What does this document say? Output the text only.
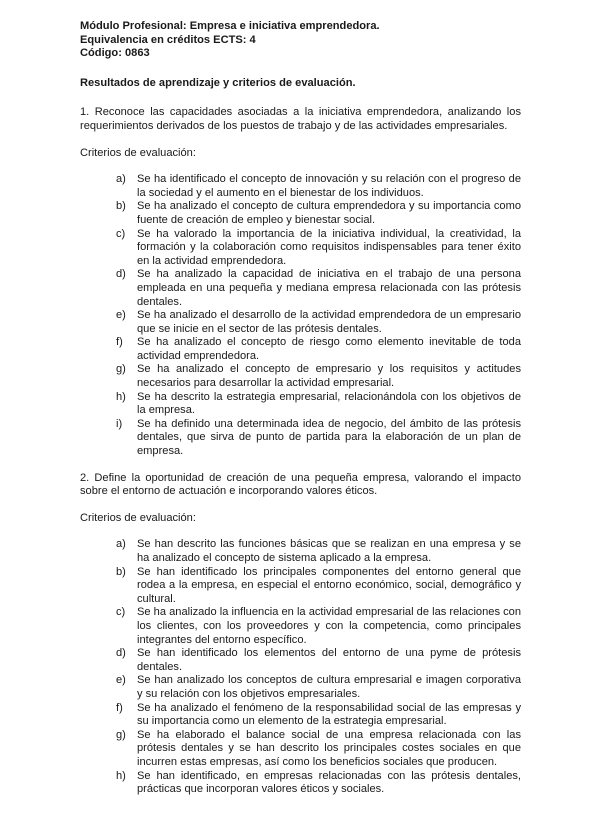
Módulo Profesional: Empresa e iniciativa emprendedora.
Equivalencia en créditos ECTS: 4
Código: 0863
Resultados de aprendizaje y criterios de evaluación.
1. Reconoce las capacidades asociadas a la iniciativa emprendedora, analizando los requerimientos derivados de los puestos de trabajo y de las actividades empresariales.
Criterios de evaluación:
a) Se ha identificado el concepto de innovación y su relación con el progreso de la sociedad y el aumento en el bienestar de los individuos.
b) Se ha analizado el concepto de cultura emprendedora y su importancia como fuente de creación de empleo y bienestar social.
c) Se ha valorado la importancia de la iniciativa individual, la creatividad, la formación y la colaboración como requisitos indispensables para tener éxito en la actividad emprendedora.
d) Se ha analizado la capacidad de iniciativa en el trabajo de una persona empleada en una pequeña y mediana empresa relacionada con las prótesis dentales.
e) Se ha analizado el desarrollo de la actividad emprendedora de un empresario que se inicie en el sector de las prótesis dentales.
f) Se ha analizado el concepto de riesgo como elemento inevitable de toda actividad emprendedora.
g) Se ha analizado el concepto de empresario y los requisitos y actitudes necesarios para desarrollar la actividad empresarial.
h) Se ha descrito la estrategia empresarial, relacionándola con los objetivos de la empresa.
i) Se ha definido una determinada idea de negocio, del ámbito de las prótesis dentales, que sirva de punto de partida para la elaboración de un plan de empresa.
2. Define la oportunidad de creación de una pequeña empresa, valorando el impacto sobre el entorno de actuación e incorporando valores éticos.
Criterios de evaluación:
a) Se han descrito las funciones básicas que se realizan en una empresa y se ha analizado el concepto de sistema aplicado a la empresa.
b) Se han identificado los principales componentes del entorno general que rodea a la empresa, en especial el entorno económico, social, demográfico y cultural.
c) Se ha analizado la influencia en la actividad empresarial de las relaciones con los clientes, con los proveedores y con la competencia, como principales integrantes del entorno específico.
d) Se han identificado los elementos del entorno de una pyme de prótesis dentales.
e) Se han analizado los conceptos de cultura empresarial e imagen corporativa y su relación con los objetivos empresariales.
f) Se ha analizado el fenómeno de la responsabilidad social de las empresas y su importancia como un elemento de la estrategia empresarial.
g) Se ha elaborado el balance social de una empresa relacionada con las prótesis dentales y se han descrito los principales costes sociales en que incurren estas empresas, así como los beneficios sociales que producen.
h) Se han identificado, en empresas relacionadas con las prótesis dentales, prácticas que incorporan valores éticos y sociales.
